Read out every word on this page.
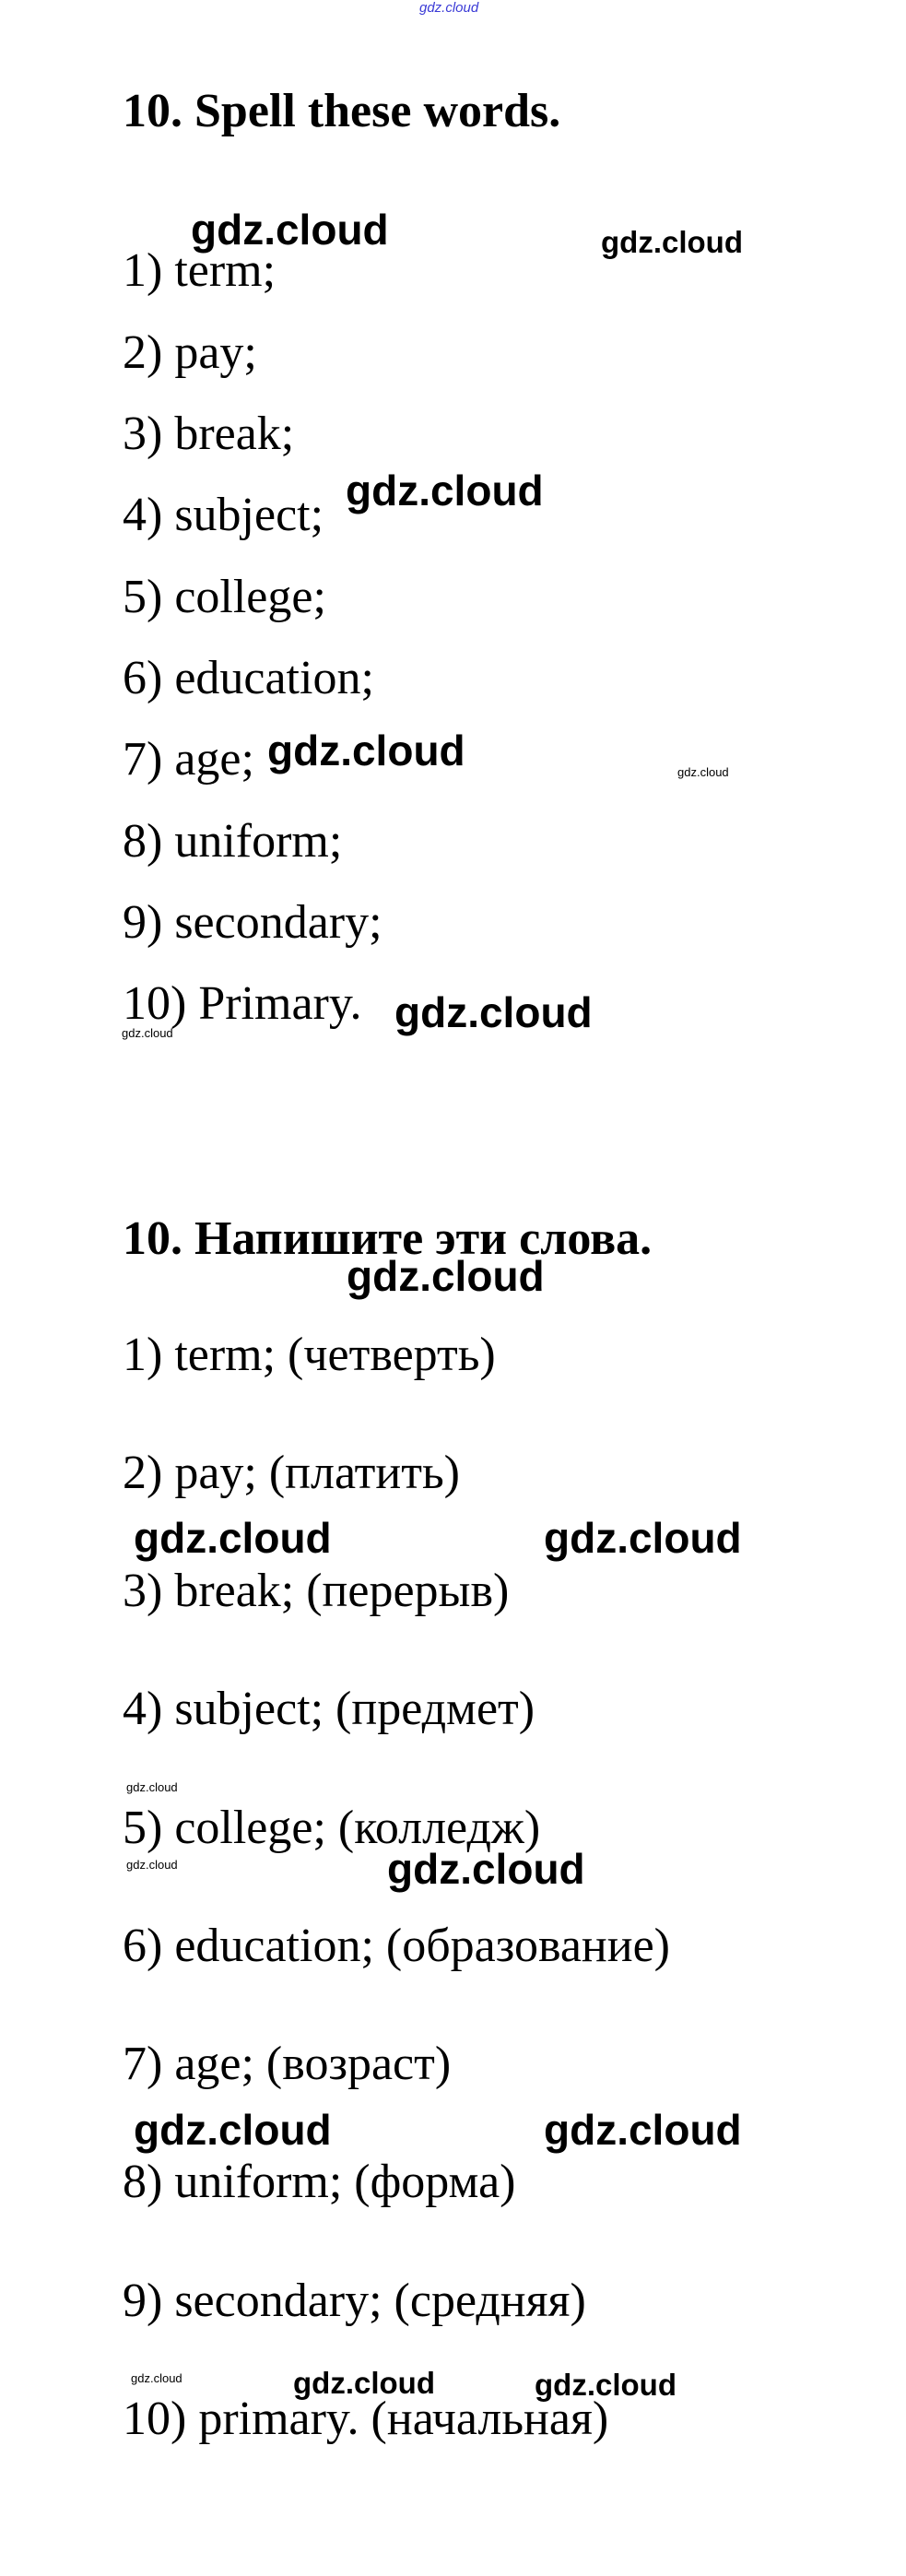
gdz.cloud
10. Spell these words.
1) term;
2) pay;
3) break;
4) subject;
5) college;
6) education;
7) age;
8) uniform;
9) secondary;
10) Primary.
10. Напишите эти слова.
1) term; (четверть)
2) pay; (платить)
3) break; (перерыв)
4) subject; (предмет)
5) college; (колледж)
6) education; (образование)
7) age; (возраст)
8) uniform; (форма)
9) secondary; (средняя)
10) primary. (начальная)
gdz.cloud	gdz.cloud
gdz.cloud
gdz.cloud	gdz.cloud
gdz.cloud
gdz.cloud
gdz.cloud
gdz.cloud	gdz.cloud
gdz.cloud
gdz.cloud	gdz.cloud
gdz.cloud	gdz.cloud
gdz.cloud	gdz.cloud	gdz.cloud
